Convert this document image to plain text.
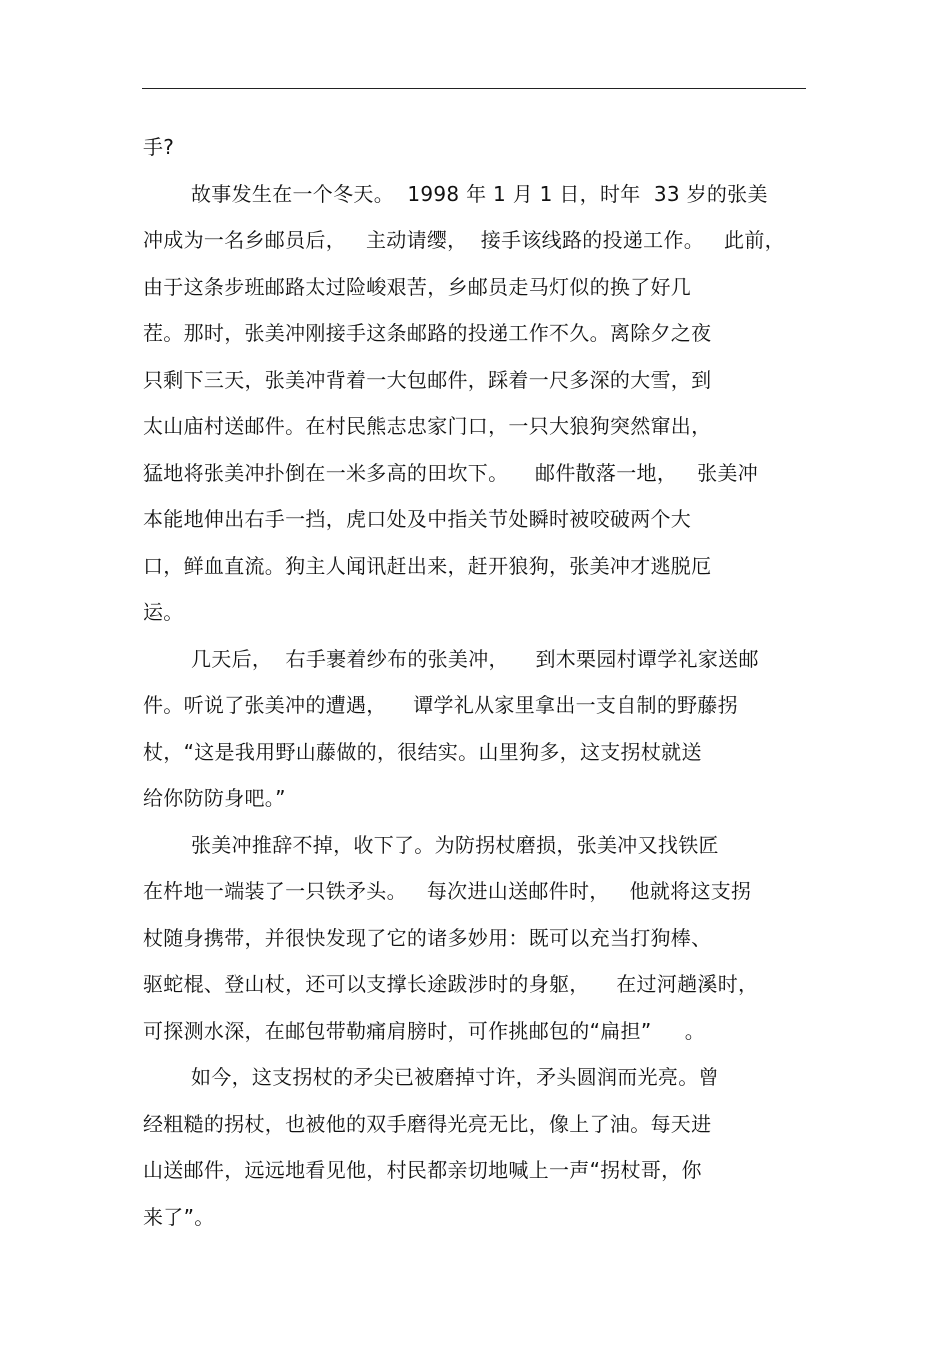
手?
故事发生在一个冬天。  1998 年 1 月 1 日，时年  33 岁的张美
冲成为一名乡邮员后，   主动请缨，  接手该线路的投递工作。   此前，
由于这条步班邮路太过险峻艰苦，乡邮员走马灯似的换了好几
茬。那时，张美冲刚接手这条邮路的投递工作不久。离除夕之夜
只剩下三天，张美冲背着一大包邮件，踩着一尺多深的大雪，到
太山庙村送邮件。在村民熊志忠家门口，一只大狼狗突然窜出，
猛地将张美冲扑倒在一米多高的田坎下。    邮件散落一地，   张美冲
本能地伸出右手一挡，虎口处及中指关节处瞬时被咬破两个大
口，鲜血直流。狗主人闻讯赶出来，赶开狼狗，张美冲才逃脱厄
运。
几天后，  右手裹着纱布的张美冲，    到木栗园村谭学礼家送邮
件。听说了张美冲的遭遇，    谭学礼从家里拿出一支自制的野藤拐
杖，“这是我用野山藤做的，很结实。山里狗多，这支拐杖就送
给你防防身吧。”
张美冲推辞不掉，收下了。为防拐杖磨损，张美冲又找铁匠
在杵地一端装了一只铁矛头。   每次进山送邮件时，   他就将这支拐
杖随身携带，并很快发现了它的诸多妙用：既可以充当打狗棒、
驱蛇棍、登山杖，还可以支撑长途跋涉时的身躯，    在过河趟溪时，
可探测水深，在邮包带勒痛肩膀时，可作挑邮包的“扁担”     。
如今，这支拐杖的矛尖已被磨掉寸许，矛头圆润而光亮。曾
经粗糙的拐杖，也被他的双手磨得光亮无比，像上了油。每天进
山送邮件，远远地看见他，村民都亲切地喊上一声“拐杖哥，你
来了”。
